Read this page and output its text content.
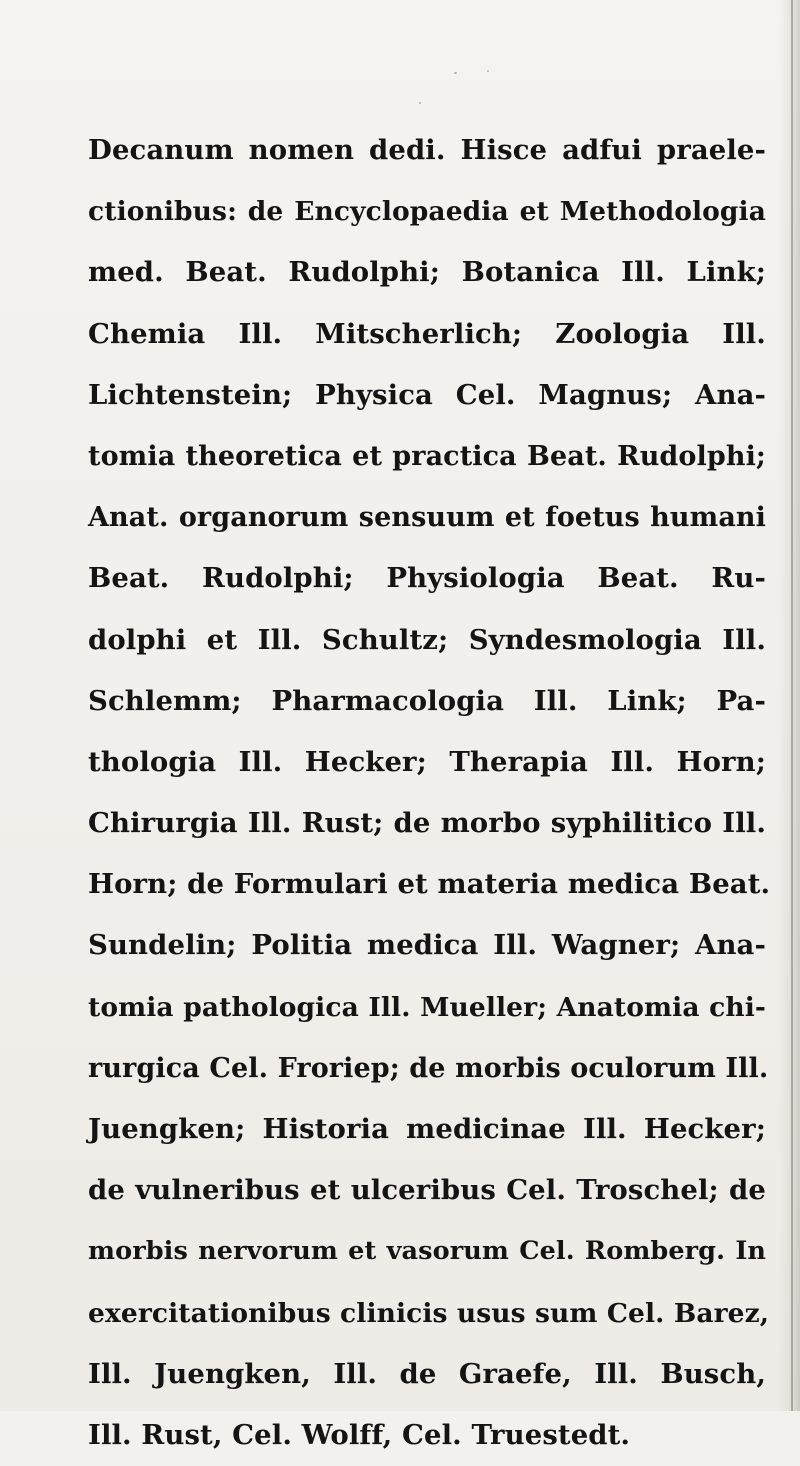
Decanum nomen dedi. Hisce adfui praele-
ctionibus: de Encyclopaedia et Methodologia
med. Beat. Rudolphi; Botanica Ill. Link;
Chemia Ill. Mitscherlich; Zoologia Ill.
Lichtenstein; Physica Cel. Magnus; Ana-
tomia theoretica et practica Beat. Rudolphi;
Anat. organorum sensuum et foetus humani
Beat. Rudolphi; Physiologia Beat. Ru-
dolphi et Ill. Schultz; Syndesmologia Ill.
Schlemm; Pharmacologia Ill. Link; Pa-
thologia Ill. Hecker; Therapia Ill. Horn;
Chirurgia Ill. Rust; de morbo syphilitico Ill.
Horn; de Formulari et materia medica Beat.
Sundelin; Politia medica Ill. Wagner; Ana-
tomia pathologica Ill. Mueller; Anatomia chi-
rurgica Cel. Froriep; de morbis oculorum Ill.
Juengken; Historia medicinae Ill. Hecker;
de vulneribus et ulceribus Cel. Troschel; de
morbis nervorum et vasorum Cel. Romberg. In
exercitationibus clinicis usus sum Cel. Barez,
Ill. Juengken, Ill. de Graefe, Ill. Busch,
Ill. Rust, Cel. Wolff, Cel. Truestedt.
